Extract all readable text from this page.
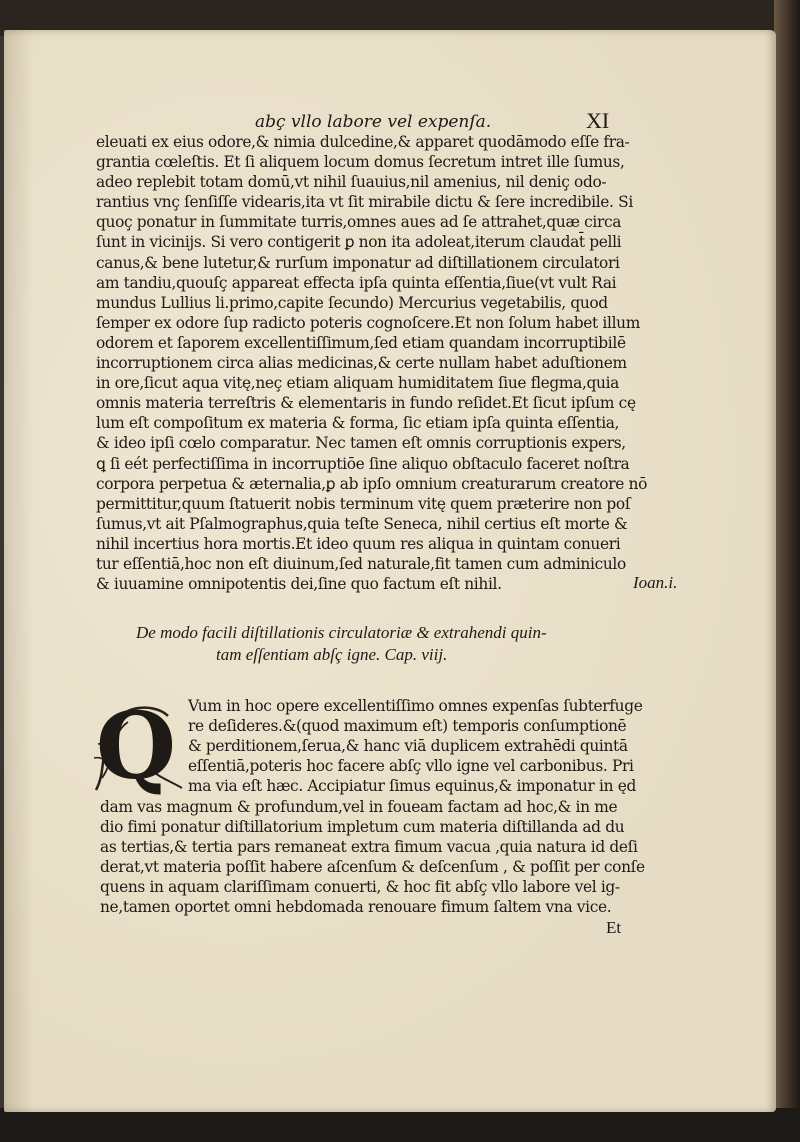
abç vllo labore vel expenſa.	XI
eleuati ex eius odore,& nimia dulcedine,& apparet quodāmodo eſſe fra-
grantia cœleſtis. Et ſi aliquem locum domus ſecretum intret ille ſumus,
adeo replebit totam domū,vt nihil ſuauius,nil amenius, nil deniç odo-
rantius vnç ſenſiſſe videaris,ita vt ſit mirabile dictu & ſere incredibile. Si
quoç ponatur in ſummitate turris,omnes aues ad ſe attrahet,quæ circa
ſunt in vicinijs. Si vero contigerit ꝑ non ita adoleat,iterum claudat̄ pelli
canus,& bene lutetur,& rurſum imponatur ad diſtillationem circulatori
am tandiu,quouſç appareat effecta ipſa quinta eſſentia,ſiue(vt vult Rai
mundus Lullius li.primo,capite ſecundo) Mercurius vegetabilis, quod
ſemper ex odore ſup radicto poteris cognoſcere.Et non ſolum habet illum
odorem et ſaporem excellentiſſimum,ſed etiam quandam incorruptibilē
incorruptionem circa alias medicinas,& certe nullam habet aduſtionem
in ore,ſicut aqua vitę,neç etiam aliquam humiditatem ſiue flegma,quia
omnis materia terreſtris & elementaris in fundo reſidet.Et ſicut ipſum cę
lum eſt compoſitum ex materia & forma, ſic etiam ipſa quinta eſſentia,
& ideo ipſi cœlo comparatur. Nec tamen eſt omnis corruptionis expers,
ꝗ ſi eét perfectiſſima in incorruptiōe ſine aliquo obſtaculo faceret noſtra
corpora perpetua & æternalia,ꝑ ab ipſo omnium creaturarum creatore nō
permittitur,quum ſtatuerit nobis terminum vitę quem præterire non poſ
ſumus,vt ait Pſalmographus,quia teſte Seneca, nihil certius eſt morte &
nihil incertius hora mortis.Et ideo quum res aliqua in quintam conueri
tur eſſentiā,hoc non eſt diuinum,ſed naturale,fit tamen cum adminiculo
& iuuamine omnipotentis dei,ſine quo factum eſt nihil.	Ioan.i.
De modo facili diſtillationis circulatoriæ & extrahendi quin-
tam eſſentiam abſç igne. Cap. viij.
Q Vum in hoc opere excellentiſſimo omnes expenſas ſubterfuge
re deſideres.&(quod maximum eſt) temporis conſumptionē
& perditionem,ſerua,& hanc viā duplicem extrahēdi quintā
eſſentiā,poteris hoc facere abſç vllo igne vel carbonibus. Pri
ma via eſt hæc. Accipiatur ſimus equinus,& imponatur in ęd
dam vas magnum & profundum,vel in foueam factam ad hoc,& in me
dio fimi ponatur diſtillatorium impletum cum materia diſtillanda ad du
as tertias,& tertia pars remaneat extra fimum vacua ,quia natura id deſi
derat,vt materia poſſit habere aſcenſum & deſcenſum , & poſſit per conſe
quens in aquam clariſſimam conuerti, & hoc fit abſç vllo labore vel ig-
ne,tamen oportet omni hebdomada renouare fimum ſaltem vna vice.
Et
